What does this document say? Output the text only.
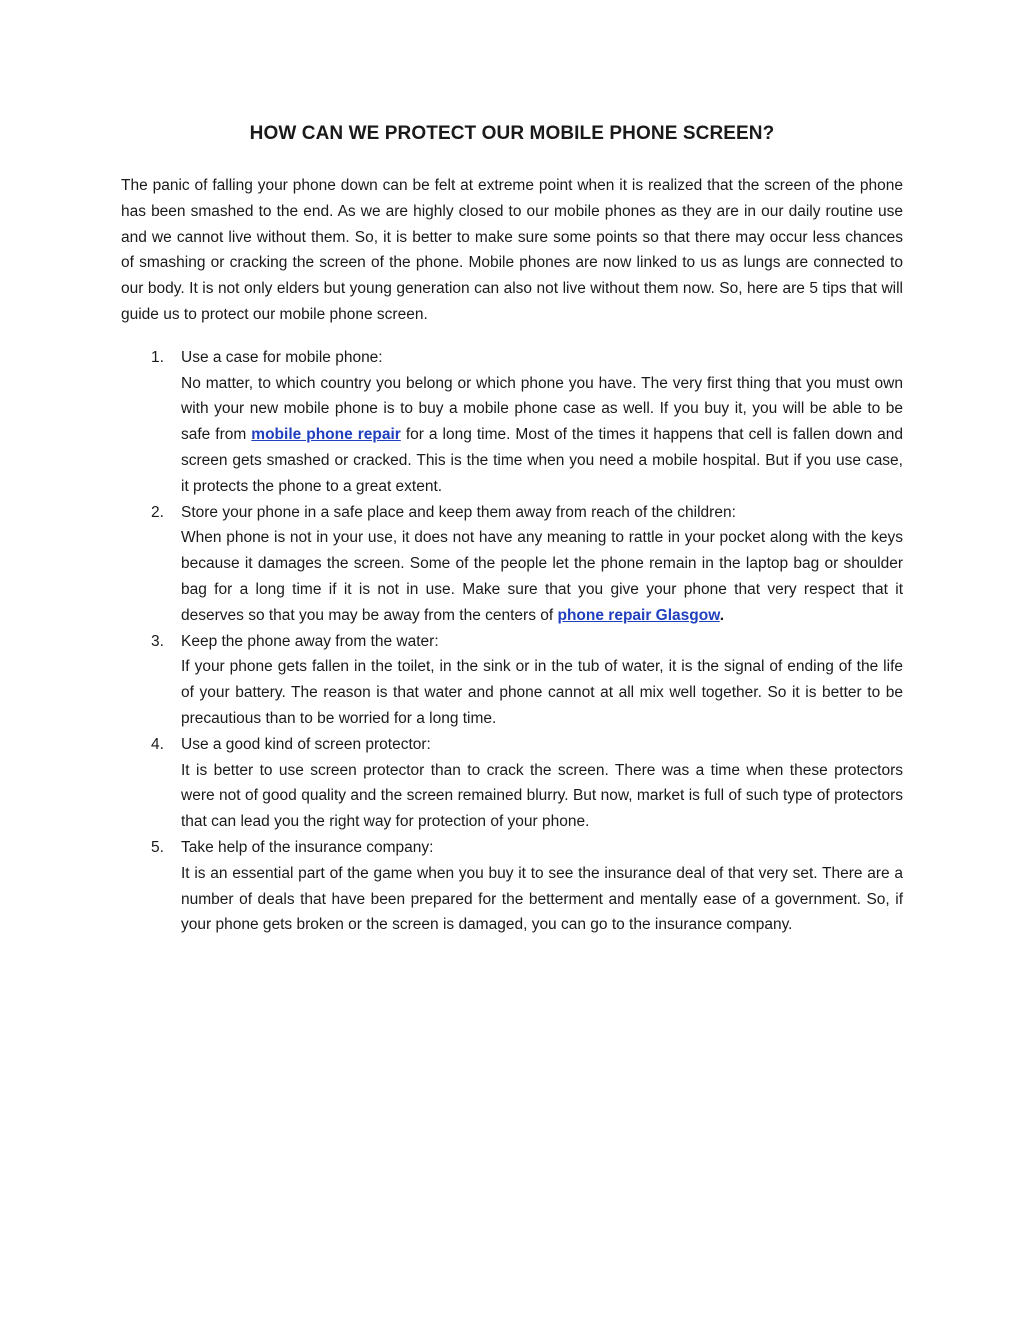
HOW CAN WE PROTECT OUR MOBILE PHONE SCREEN?

The panic of falling your phone down can be felt at extreme point when it is realized that the screen of the phone has been smashed to the end. As we are highly closed to our mobile phones as they are in our daily routine use and we cannot live without them. So, it is better to make sure some points so that there may occur less chances of smashing or cracking the screen of the phone. Mobile phones are now linked to us as lungs are connected to our body. It is not only elders but young generation can also not live without them now. So, here are 5 tips that will guide us to protect our mobile phone screen.

1. Use a case for mobile phone:
No matter, to which country you belong or which phone you have. The very first thing that you must own with your new mobile phone is to buy a mobile phone case as well. If you buy it, you will be able to be safe from mobile phone repair for a long time. Most of the times it happens that cell is fallen down and screen gets smashed or cracked. This is the time when you need a mobile hospital. But if you use case, it protects the phone to a great extent.
2. Store your phone in a safe place and keep them away from reach of the children:
When phone is not in your use, it does not have any meaning to rattle in your pocket along with the keys because it damages the screen. Some of the people let the phone remain in the laptop bag or shoulder bag for a long time if it is not in use. Make sure that you give your phone that very respect that it deserves so that you may be away from the centers of phone repair Glasgow.
3. Keep the phone away from the water:
If your phone gets fallen in the toilet, in the sink or in the tub of water, it is the signal of ending of the life of your battery. The reason is that water and phone cannot at all mix well together. So it is better to be precautious than to be worried for a long time.
4. Use a good kind of screen protector:
It is better to use screen protector than to crack the screen. There was a time when these protectors were not of good quality and the screen remained blurry. But now, market is full of such type of protectors that can lead you the right way for protection of your phone.
5. Take help of the insurance company:
It is an essential part of the game when you buy it to see the insurance deal of that very set. There are a number of deals that have been prepared for the betterment and mentally ease of a government. So, if your phone gets broken or the screen is damaged, you can go to the insurance company.
